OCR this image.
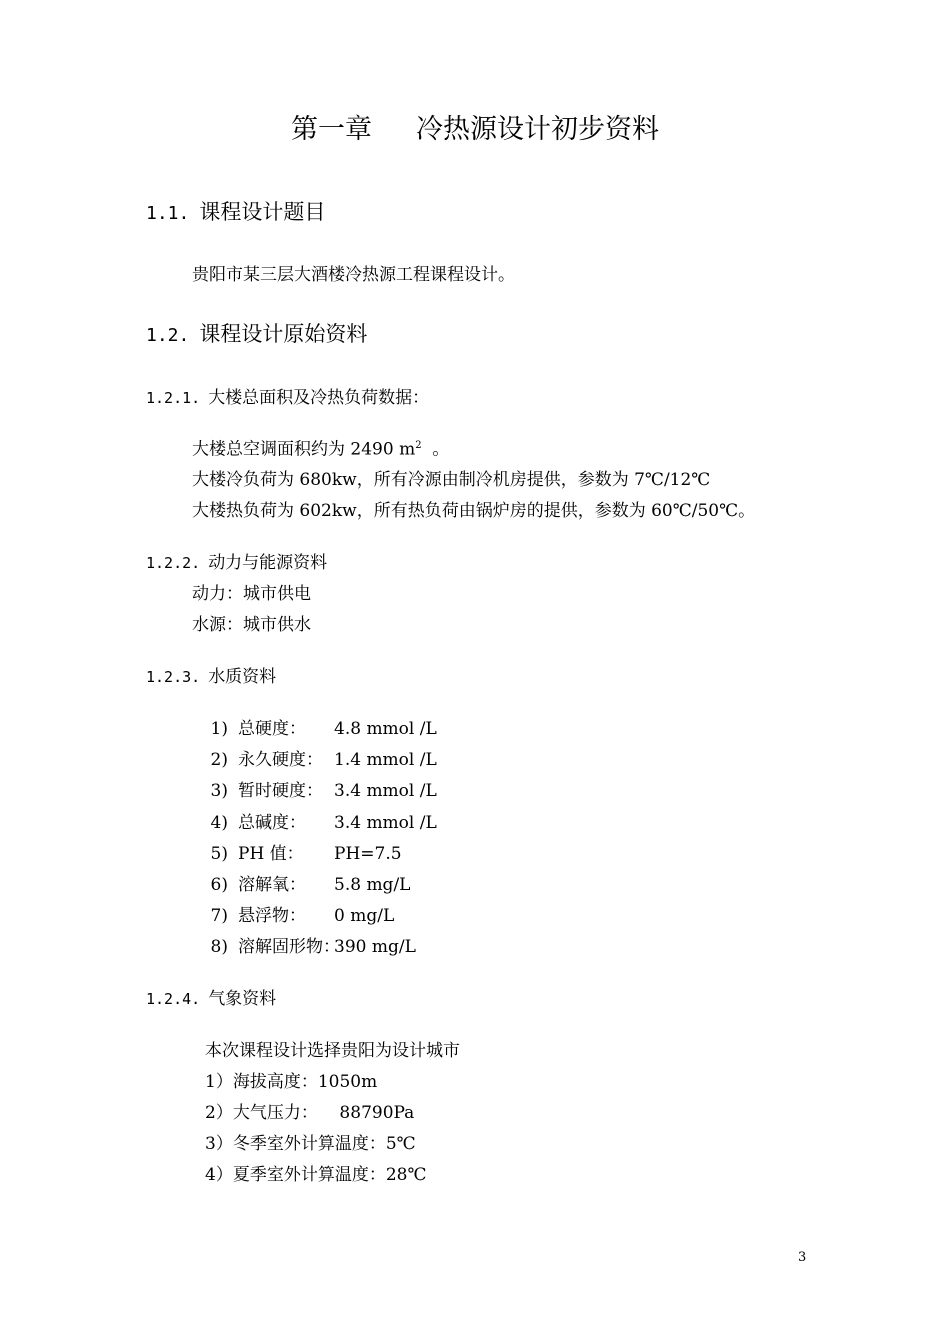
第一章 冷热源设计初步资料
1.1. 课程设计题目
贵阳市某三层大酒楼冷热源工程课程设计。
1.2. 课程设计原始资料
1.2.1. 大楼总面积及冷热负荷数据：
大楼总空调面积约为 2490 $m^2$ 。
大楼冷负荷为 680kw，所有冷源由制冷机房提供，参数为 7℃/12℃
大楼热负荷为 602kw，所有热负荷由锅炉房的提供，参数为 60℃/50℃。
1.2.2. 动力与能源资料
动力：城市供电
水源：城市供水
1.2.3. 水质资料
1) 总硬度： 4.8 mmol /L
2) 永久硬度： 1.4 mmol /L
3) 暂时硬度： 3.4 mmol /L
4) 总碱度： 3.4 mmol /L
5) PH 值： PH=7.5
6) 溶解氧： 5.8 mg/L
7) 悬浮物： 0 mg/L
8) 溶解固形物：390 mg/L
1.2.4. 气象资料
本次课程设计选择贵阳为设计城市
1）海拔高度：1050m
2）大气压力：    88790Pa
3）冬季室外计算温度：5℃
4）夏季室外计算温度：28℃
3
